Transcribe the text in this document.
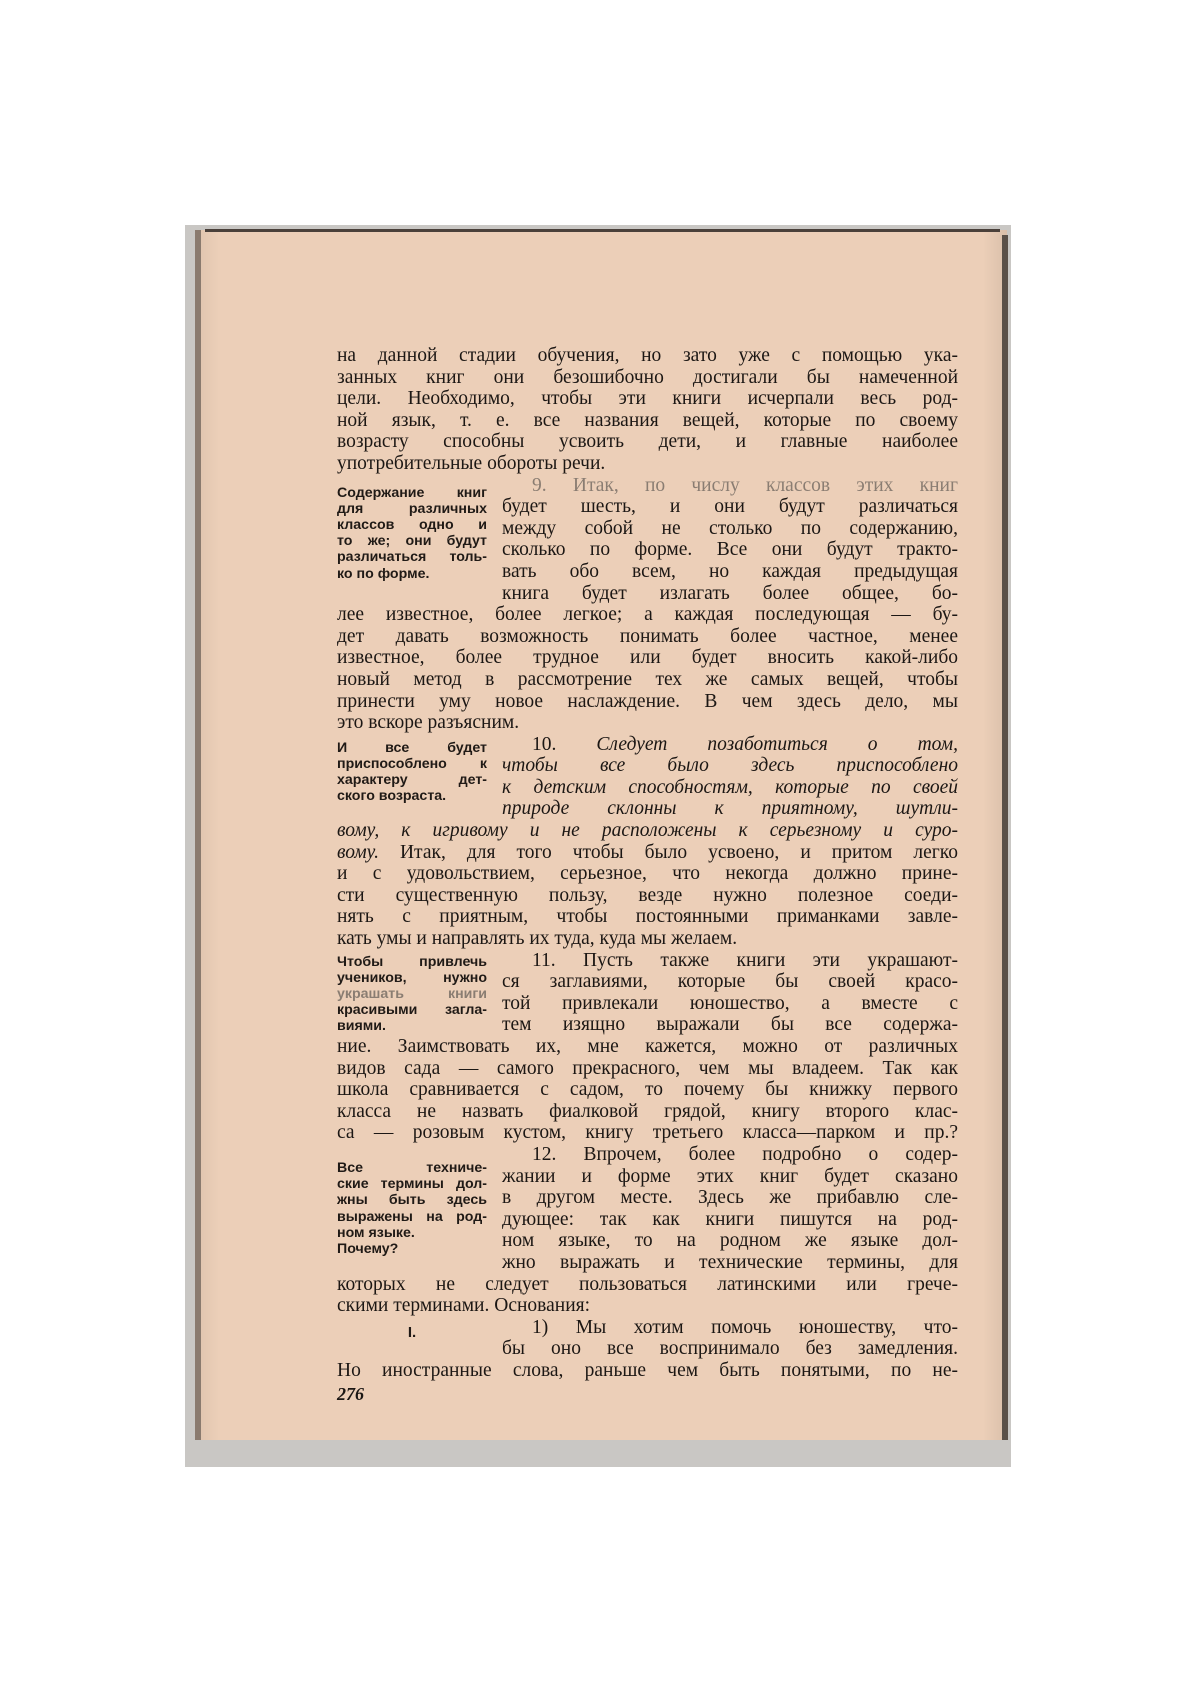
на данной стадии обучения, но зато уже с помощью ука-
занных книг они безошибочно достигали бы намеченной
цели. Необходимо, чтобы эти книги исчерпали весь род-
ной язык, т. е. все названия вещей, которые по своему
возрасту способны усвоить дети, и главные наиболее
употребительные обороты речи.
Содержание книг
для различных
классов одно и
то же; они будут
различаться толь-
ко по форме.
9. Итак, по числу классов этих книг
будет шесть, и они будут различаться
между собой не столько по содержанию,
сколько по форме. Все они будут тракто-
вать обо всем, но каждая предыдущая
книга будет излагать более общее, бо-
лее известное, более легкое; а каждая последующая — бу-
дет давать возможность понимать более частное, менее
известное, более трудное или будет вносить какой-либо
новый метод в рассмотрение тех же самых вещей, чтобы
принести уму новое наслаждение. В чем здесь дело, мы
это вскоре разъясним.
И все будет
приспособлено к
характеру дет-
ского возраста.
10. Следует позаботиться о том,
чтобы все было здесь приспособлено
к детским способностям, которые по своей
природе склонны к приятному, шутли-
вому, к игривому и не расположены к серьезному и суро-
вому. Итак, для того чтобы было усвоено, и притом легко
и с удовольствием, серьезное, что некогда должно прине-
сти существенную пользу, везде нужно полезное соеди-
нять с приятным, чтобы постоянными приманками завле-
кать умы и направлять их туда, куда мы желаем.
Чтобы привлечь
учеников, нужно
украшать книги
красивыми загла-
виями.
11. Пусть также книги эти украшают-
ся заглавиями, которые бы своей красо-
той привлекали юношество, а вместе с
тем изящно выражали бы все содержа-
ние. Заимствовать их, мне кажется, можно от различных
видов сада — самого прекрасного, чем мы владеем. Так как
школа сравнивается с садом, то почему бы книжку первого
класса не назвать фиалковой грядой, книгу второго клас-
са — розовым кустом, книгу третьего класса—парком и пр.?
Все техниче-
ские термины дол-
жны быть здесь
выражены на род-
ном языке.
Почему?
12. Впрочем, более подробно о содер-
жании и форме этих книг будет сказано
в другом месте. Здесь же прибавлю сле-
дующее: так как книги пишутся на род-
ном языке, то на родном же языке дол-
жно выражать и технические термины, для
которых не следует пользоваться латинскими или грече-
скими терминами. Основания:
I.	1) Мы хотим помочь юношеству, что-
бы оно все воспринимало без замедления.
Но иностранные слова, раньше чем быть понятыми, по не-
276
